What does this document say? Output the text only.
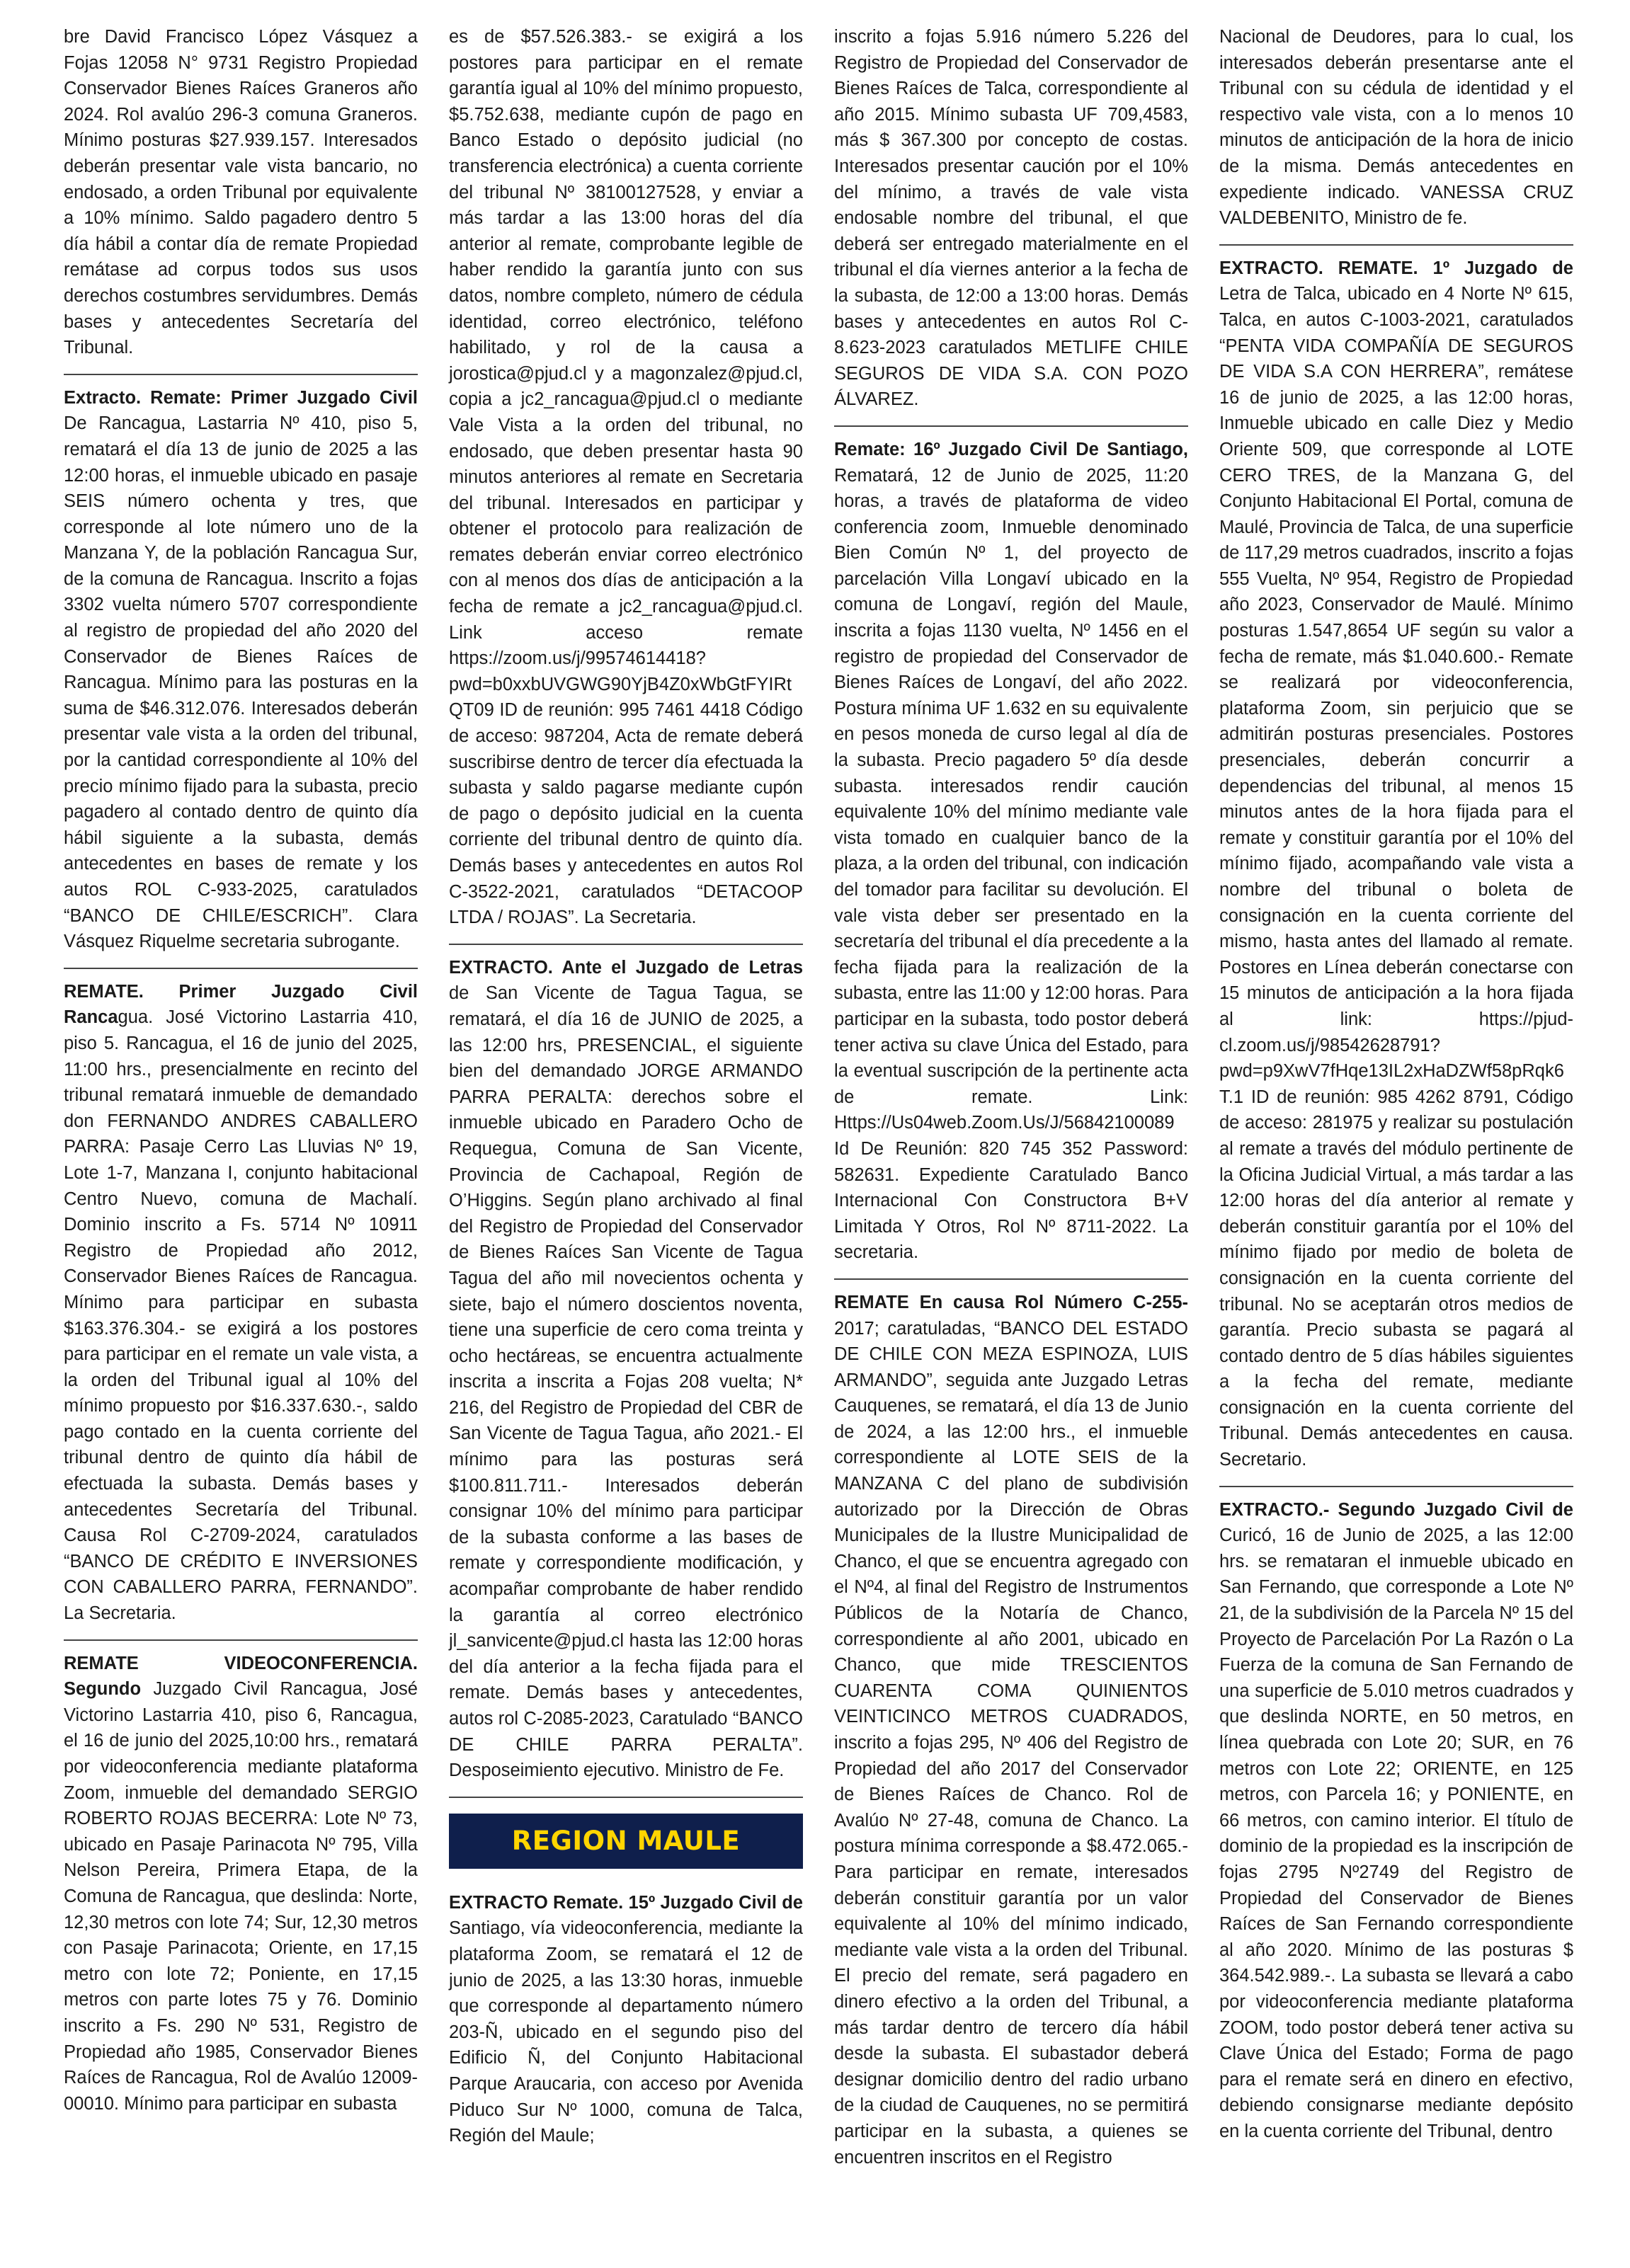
bre David Francisco López Vásquez a Fojas 12058 N° 9731 Registro Propiedad Conservador Bienes Raíces Graneros año 2024. Rol avalúo 296-3 comuna Graneros. Mínimo posturas $27.939.157. Interesados deberán presentar vale vista bancario, no endosado, a orden Tribunal por equivalente a 10% mínimo. Saldo pagadero dentro 5 día hábil a contar día de remate Propiedad remátase ad corpus todos sus usos derechos costumbres servidumbres. Demás bases y antecedentes Secretaría del Tribunal.

Extracto. Remate: Primer Juzgado Civil De Rancagua, Lastarria Nº 410, piso 5, rematará el día 13 de junio de 2025 a las 12:00 horas, el inmueble ubicado en pasaje SEIS número ochenta y tres, que corresponde al lote número uno de la Manzana Y, de la población Rancagua Sur, de la comuna de Rancagua. Inscrito a fojas 3302 vuelta número 5707 correspondiente al registro de propiedad del año 2020 del Conservador de Bienes Raíces de Rancagua. Mínimo para las posturas en la suma de $46.312.076. Interesados deberán presentar vale vista a la orden del tribunal, por la cantidad correspondiente al 10% del precio mínimo fijado para la subasta, precio pagadero al contado dentro de quinto día hábil siguiente a la subasta, demás antecedentes en bases de remate y los autos ROL C-933-2025, caratulados “BANCO DE CHILE/ESCRICH”. Clara Vásquez Riquelme secretaria subrogante.

REMATE. Primer Juzgado Civil Rancagua. José Victorino Lastarria 410, piso 5. Rancagua, el 16 de junio del 2025, 11:00 hrs., presencialmente en recinto del tribunal rematará inmueble de demandado don FERNANDO ANDRES CABALLERO PARRA: Pasaje Cerro Las Lluvias Nº 19, Lote 1-7, Manzana I, conjunto habitacional Centro Nuevo, comuna de Machalí. Dominio inscrito a Fs. 5714 Nº 10911 Registro de Propiedad año 2012, Conservador Bienes Raíces de Rancagua. Mínimo para participar en subasta $163.376.304.- se exigirá a los postores para participar en el remate un vale vista, a la orden del Tribunal igual al 10% del mínimo propuesto por $16.337.630.-, saldo pago contado en la cuenta corriente del tribunal dentro de quinto día hábil de efectuada la subasta. Demás bases y antecedentes Secretaría del Tribunal. Causa Rol C-2709-2024, caratulados “BANCO DE CRÉDITO E INVERSIONES CON CABALLERO PARRA, FERNANDO”. La Secretaria.

REMATE VIDEOCONFERENCIA. Segundo Juzgado Civil Rancagua, José Victorino Lastarria 410, piso 6, Rancagua, el 16 de junio del 2025,10:00 hrs., rematará por videoconferencia mediante plataforma Zoom, inmueble del demandado SERGIO ROBERTO ROJAS BECERRA: Lote Nº 73, ubicado en Pasaje Parinacota Nº 795, Villa Nelson Pereira, Primera Etapa, de la Comuna de Rancagua, que deslinda: Norte, 12,30 metros con lote 74; Sur, 12,30 metros con Pasaje Parinacota; Oriente, en 17,15 metro con lote 72; Poniente, en 17,15 metros con parte lotes 75 y 76. Dominio inscrito a Fs. 290 Nº 531, Registro de Propiedad año 1985, Conservador Bienes Raíces de Rancagua, Rol de Avalúo 12009-00010. Mínimo para participar en subasta

es de $57.526.383.- se exigirá a los postores para participar en el remate garantía igual al 10% del mínimo propuesto, $5.752.638, mediante cupón de pago en Banco Estado o depósito judicial (no transferencia electrónica) a cuenta corriente del tribunal Nº 38100127528, y enviar a más tardar a las 13:00 horas del día anterior al remate, comprobante legible de haber rendido la garantía junto con sus datos, nombre completo, número de cédula identidad, correo electrónico, teléfono habilitado, y rol de la causa a jorostica@pjud.cl y a magonzalez@pjud.cl, copia a jc2_rancagua@pjud.cl o mediante Vale Vista a la orden del tribunal, no endosado, que deben presentar hasta 90 minutos anteriores al remate en Secretaria del tribunal. Interesados en participar y obtener el protocolo para realización de remates deberán enviar correo electrónico con al menos dos días de anticipación a la fecha de remate a jc2_rancagua@pjud.cl. Link acceso remate https://zoom.us/j/99574614418?pwd=b0xxbUVGWG90YjB4Z0xWbGtFYIRtQT09 ID de reunión: 995 7461 4418 Código de acceso: 987204, Acta de remate deberá suscribirse dentro de tercer día efectuada la subasta y saldo pagarse mediante cupón de pago o depósito judicial en la cuenta corriente del tribunal dentro de quinto día. Demás bases y antecedentes en autos Rol C-3522-2021, caratulados “DETACOOP LTDA / ROJAS”. La Secretaria.

EXTRACTO. Ante el Juzgado de Letras de San Vicente de Tagua Tagua, se rematará, el día 16 de JUNIO de 2025, a las 12:00 hrs, PRESENCIAL, el siguiente bien del demandado JORGE ARMANDO PARRA PERALTA: derechos sobre el inmueble ubicado en Paradero Ocho de Requegua, Comuna de San Vicente, Provincia de Cachapoal, Región de O’Higgins. Según plano archivado al final del Registro de Propiedad del Conservador de Bienes Raíces San Vicente de Tagua Tagua del año mil novecientos ochenta y siete, bajo el número doscientos noventa, tiene una superficie de cero coma treinta y ocho hectáreas, se encuentra actualmente inscrita a inscrita a Fojas 208 vuelta; N* 216, del Registro de Propiedad del CBR de San Vicente de Tagua Tagua, año 2021.- El mínimo para las posturas será $100.811.711.- Interesados deberán consignar 10% del mínimo para participar de la subasta conforme a las bases de remate y correspondiente modificación, y acompañar comprobante de haber rendido la garantía al correo electrónico jl_sanvicente@pjud.cl hasta las 12:00 horas del día anterior a la fecha fijada para el remate. Demás bases y antecedentes, autos rol C-2085-2023, Caratulado “BANCO DE CHILE PARRA PERALTA”. Desposeimiento ejecutivo. Ministro de Fe.

REGION MAULE

EXTRACTO Remate. 15º Juzgado Civil de Santiago, vía videoconferencia, mediante la plataforma Zoom, se rematará el 12 de junio de 2025, a las 13:30 horas, inmueble que corresponde al departamento número 203-Ñ, ubicado en el segundo piso del Edificio Ñ, del Conjunto Habitacional Parque Araucaria, con acceso por Avenida Piduco Sur Nº 1000, comuna de Talca, Región del Maule;

inscrito a fojas 5.916 número 5.226 del Registro de Propiedad del Conservador de Bienes Raíces de Talca, correspondiente al año 2015. Mínimo subasta UF 709,4583, más $ 367.300 por concepto de costas. Interesados presentar caución por el 10% del mínimo, a través de vale vista endosable nombre del tribunal, el que deberá ser entregado materialmente en el tribunal el día viernes anterior a la fecha de la subasta, de 12:00 a 13:00 horas. Demás bases y antecedentes en autos Rol C-8.623-2023 caratulados METLIFE CHILE SEGUROS DE VIDA S.A. CON POZO ÁLVAREZ.

Remate: 16º Juzgado Civil De Santiago, Rematará, 12 de Junio de 2025, 11:20 horas, a través de plataforma de video conferencia zoom, Inmueble denominado Bien Común Nº 1, del proyecto de parcelación Villa Longaví ubicado en la comuna de Longaví, región del Maule, inscrita a fojas 1130 vuelta, Nº 1456 en el registro de propiedad del Conservador de Bienes Raíces de Longaví, del año 2022. Postura mínima UF 1.632 en su equivalente en pesos moneda de curso legal al día de la subasta. Precio pagadero 5º día desde subasta. interesados rendir caución equivalente 10% del mínimo mediante vale vista tomado en cualquier banco de la plaza, a la orden del tribunal, con indicación del tomador para facilitar su devolución. El vale vista deber ser presentado en la secretaría del tribunal el día precedente a la fecha fijada para la realización de la subasta, entre las 11:00 y 12:00 horas. Para participar en la subasta, todo postor deberá tener activa su clave Única del Estado, para la eventual suscripción de la pertinente acta de remate. Link: Https://Us04web.Zoom.Us/J/56842100089 Id De Reunión: 820 745 352 Password: 582631. Expediente Caratulado Banco Internacional Con Constructora B+V Limitada Y Otros, Rol Nº 8711-2022. La secretaria.

REMATE En causa Rol Número C-255-2017; caratuladas, “BANCO DEL ESTADO DE CHILE CON MEZA ESPINOZA, LUIS ARMANDO”, seguida ante Juzgado Letras Cauquenes, se rematará, el día 13 de Junio de 2024, a las 12:00 hrs., el inmueble correspondiente al LOTE SEIS de la MANZANA C del plano de subdivisión autorizado por la Dirección de Obras Municipales de la Ilustre Municipalidad de Chanco, el que se encuentra agregado con el Nº4, al final del Registro de Instrumentos Públicos de la Notaría de Chanco, correspondiente al año 2001, ubicado en Chanco, que mide TRESCIENTOS CUARENTA COMA QUINIENTOS VEINTICINCO METROS CUADRADOS, inscrito a fojas 295, Nº 406 del Registro de Propiedad del año 2017 del Conservador de Bienes Raíces de Chanco. Rol de Avalúo Nº 27-48, comuna de Chanco. La postura mínima corresponde a $8.472.065.- Para participar en remate, interesados deberán constituir garantía por un valor equivalente al 10% del mínimo indicado, mediante vale vista a la orden del Tribunal. El precio del remate, será pagadero en dinero efectivo a la orden del Tribunal, a más tardar dentro de tercero día hábil desde la subasta. El subastador deberá designar domicilio dentro del radio urbano de la ciudad de Cauquenes, no se permitirá participar en la subasta, a quienes se encuentren inscritos en el Registro

Nacional de Deudores, para lo cual, los interesados deberán presentarse ante el Tribunal con su cédula de identidad y el respectivo vale vista, con a lo menos 10 minutos de anticipación de la hora de inicio de la misma. Demás antecedentes en expediente indicado. VANESSA CRUZ VALDEBENITO, Ministro de fe.

EXTRACTO. REMATE. 1º Juzgado de Letra de Talca, ubicado en 4 Norte Nº 615, Talca, en autos C-1003-2021, caratulados “PENTA VIDA COMPAÑÍA DE SEGUROS DE VIDA S.A CON HERRERA”, remátese 16 de junio de 2025, a las 12:00 horas, Inmueble ubicado en calle Diez y Medio Oriente 509, que corresponde al LOTE CERO TRES, de la Manzana G, del Conjunto Habitacional El Portal, comuna de Maulé, Provincia de Talca, de una superficie de 117,29 metros cuadrados, inscrito a fojas 555 Vuelta, Nº 954, Registro de Propiedad año 2023, Conservador de Maulé. Mínimo posturas 1.547,8654 UF según su valor a fecha de remate, más $1.040.600.- Remate se realizará por videoconferencia, plataforma Zoom, sin perjuicio que se admitirán posturas presenciales. Postores presenciales, deberán concurrir a dependencias del tribunal, al menos 15 minutos antes de la hora fijada para el remate y constituir garantía por el 10% del mínimo fijado, acompañando vale vista a nombre del tribunal o boleta de consignación en la cuenta corriente del mismo, hasta antes del llamado al remate. Postores en Línea deberán conectarse con 15 minutos de anticipación a la hora fijada al link: https://pjud-cl.zoom.us/j/98542628791?pwd=p9XwV7fHqe13IL2xHaDZWf58pRqk6T.1 ID de reunión: 985 4262 8791, Código de acceso: 281975 y realizar su postulación al remate a través del módulo pertinente de la Oficina Judicial Virtual, a más tardar a las 12:00 horas del día anterior al remate y deberán constituir garantía por el 10% del mínimo fijado por medio de boleta de consignación en la cuenta corriente del tribunal. No se aceptarán otros medios de garantía. Precio subasta se pagará al contado dentro de 5 días hábiles siguientes a la fecha del remate, mediante consignación en la cuenta corriente del Tribunal. Demás antecedentes en causa. Secretario.

EXTRACTO.- Segundo Juzgado Civil de Curicó, 16 de Junio de 2025, a las 12:00 hrs. se remataran el inmueble ubicado en San Fernando, que corresponde a Lote Nº 21, de la subdivisión de la Parcela Nº 15 del Proyecto de Parcelación Por La Razón o La Fuerza de la comuna de San Fernando de una superficie de 5.010 metros cuadrados y que deslinda NORTE, en 50 metros, en línea quebrada con Lote 20; SUR, en 76 metros con Lote 22; ORIENTE, en 125 metros, con Parcela 16; y PONIENTE, en 66 metros, con camino interior. El título de dominio de la propiedad es la inscripción de fojas 2795 Nº2749 del Registro de Propiedad del Conservador de Bienes Raíces de San Fernando correspondiente al año 2020. Mínimo de las posturas $ 364.542.989.-. La subasta se llevará a cabo por videoconferencia mediante plataforma ZOOM, todo postor deberá tener activa su Clave Única del Estado; Forma de pago para el remate será en dinero en efectivo, debiendo consignarse mediante depósito en la cuenta corriente del Tribunal, dentro
